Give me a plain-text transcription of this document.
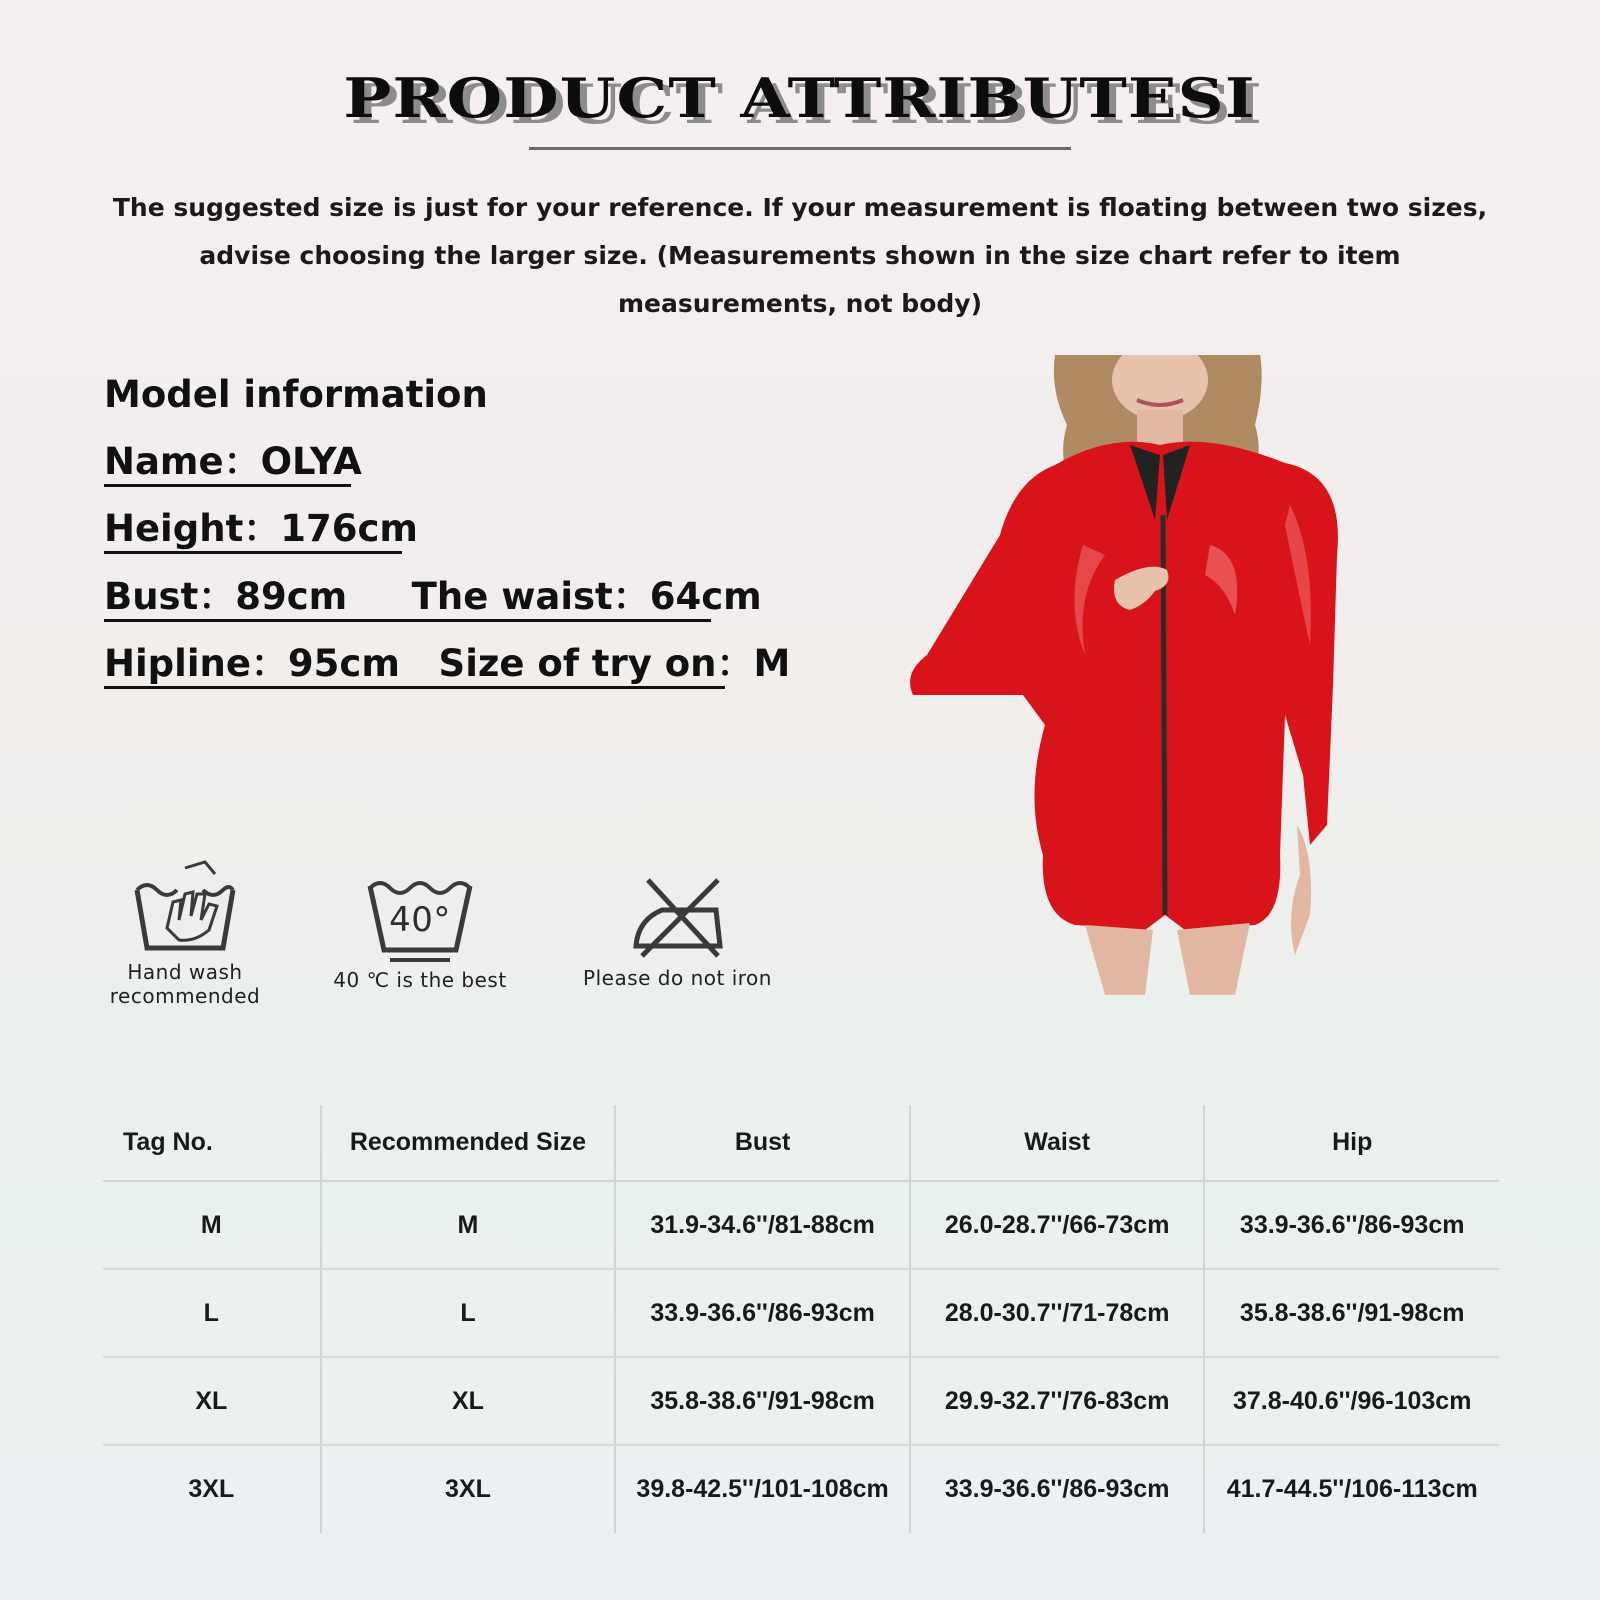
PRODUCT ATTRIBUTESI
The suggested size is just for your reference. If your measurement is floating between two sizes,
advise choosing the larger size. (Measurements shown in the size chart refer to item
measurements, not body)
Model information
Name：OLYA
Height：176cm
Bust：89cm     The waist：64cm
Hipline：95cm   Size of try on：M
Hand wash
recommended
40°
40 ℃ is the best	Please do not iron
Tag No.	Recommended Size	Bust	Waist	Hip
M	M	31.9-34.6''/81-88cm	26.0-28.7''/66-73cm	33.9-36.6''/86-93cm
L	L	33.9-36.6''/86-93cm	28.0-30.7''/71-78cm	35.8-38.6''/91-98cm
XL	XL	35.8-38.6''/91-98cm	29.9-32.7''/76-83cm	37.8-40.6''/96-103cm
3XL	3XL	39.8-42.5''/101-108cm	33.9-36.6''/86-93cm	41.7-44.5''/106-113cm
